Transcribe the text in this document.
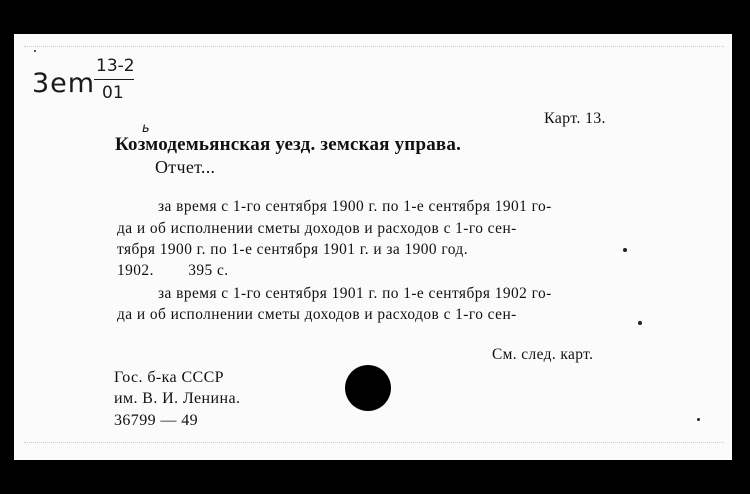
3em
13-2
01
Карт. 13.
ь
Козмодемьянская уезд. земская управа.
Отчет...
за время с 1-го сентября 1900 г. по 1-е сентября 1901 го-
да и об исполнении сметы доходов и расходов с 1-го сен-
тября 1900 г. по 1-е сентября 1901 г. и за 1900 год.
1902.        395 с.
за время с 1-го сентября 1901 г. по 1-е сентября 1902 го-
да и об исполнении сметы доходов и расходов с 1-го сен-
См. след. карт.
Гос. б-ка СССР
им. В. И. Ленина.
36799 — 49
